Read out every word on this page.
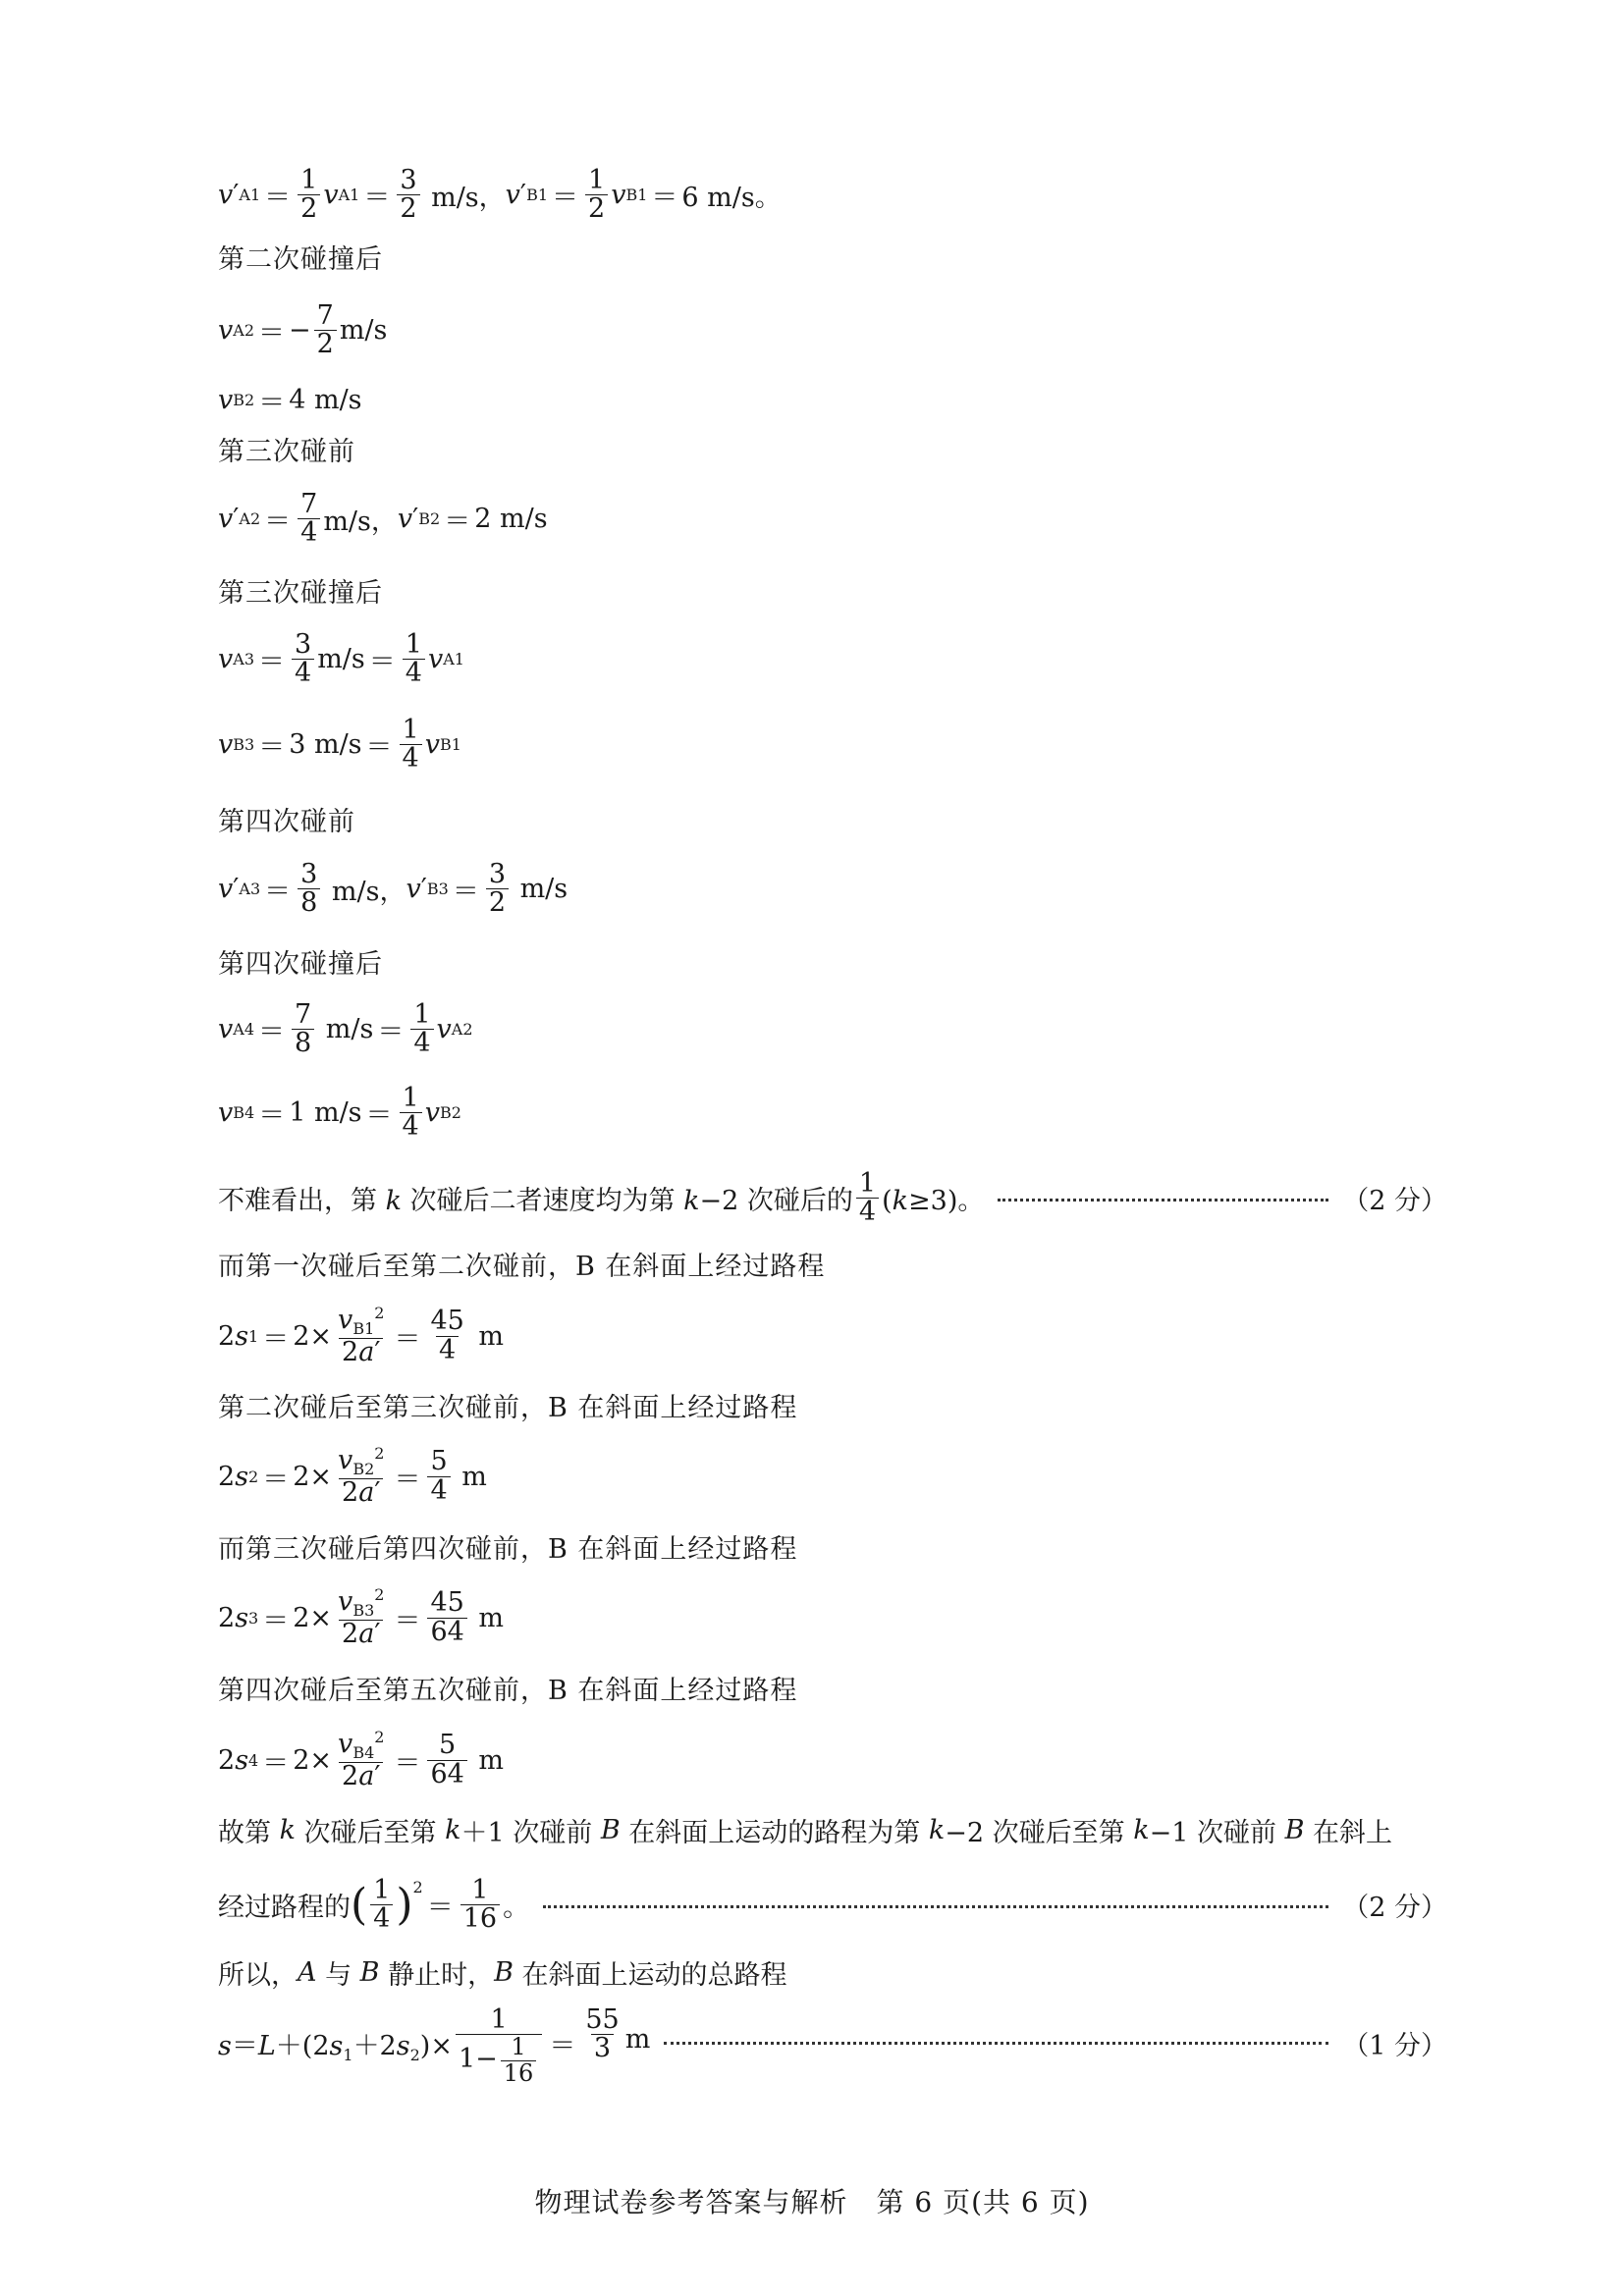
v ′ $A1 = \frac{1}{2}$ v $A1 = \frac{3}{2} m/s$， v ′ $B1 = \frac{1}{2}$ v B1 ＝ 6 m/s。
第二次碰撞后
v A2 ＝ − $\frac{7}{2} m/s$
v B2 ＝ 4 m/s
第三次碰前
v ′ $A2 = \frac{7}{4} m/s$， v ′ B2 ＝ 2 m/s
第三次碰撞后
v $A3 = \frac{3}{4} m/s = \frac{1}{4}$ v A1
v B3 ＝ 3 $m/s = \frac{1}{4}$ v B1
第四次碰前
v ′ $A3 = \frac{3}{8} m/s$， v ′ $B3 = \frac{3}{2} m/s$
第四次碰撞后
v $A4 = \frac{7}{8} m/s = \frac{1}{4}$ v A2
v B4 ＝ 1 $m/s = \frac{1}{4}$ v B2
不难看出，第 k 次碰后二者速度均为第 k−2 次碰后的 $\frac{1}{4} (k\ge 3)$。	（2 分）
而第一次碰后至第二次碰前，B 在斜面上经过路程
2 s $1 = 2\times \frac{v_{B1}^2}{2a'} = \frac{45}{4}$ m
第二次碰后至第三次碰前，B 在斜面上经过路程
2 s $2 = 2\times \frac{v_{B2}^2}{2a'} = \frac{5}{4}$ m
而第三次碰后第四次碰前，B 在斜面上经过路程
2 s $3 = 2\times \frac{v_{B3}^2}{2a'} = \frac{45}{64}$ m
第四次碰后至第五次碰前，B 在斜面上经过路程
2 s $4 = 2\times \frac{v_{B4}^2}{2a'} = \frac{5}{64}$ m
故第 k 次碰后至第 k ＋1 次碰前 B 在斜面上运动的路程为第 k −2 次碰后至第 k −1 次碰前 B 在斜上
经过路程的 ( $\frac{1}{4} )^2$
＝ $\frac{1}{16}$ 。	（2 分）
所以， A 与 B 静止时， B 在斜面上运动的总路程
$s=L+(2s_1+2s_2)\times \frac{1}{1- \frac{1}{16}} = \frac{55}{3}$ m	（1 分）
物理试卷参考答案与解析　第 6 页(共 6 页)
